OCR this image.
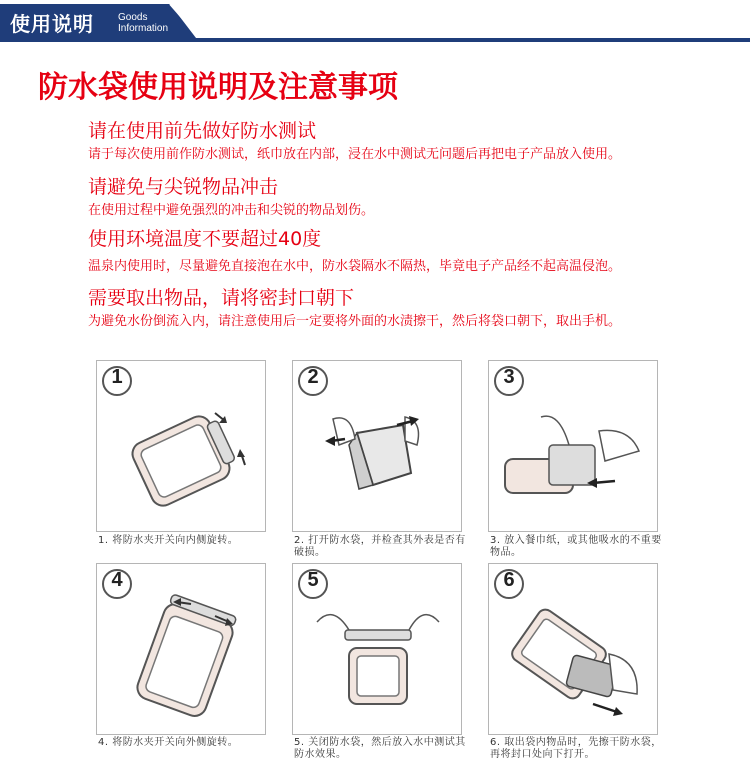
使用说明 Goods
Information
防水袋使用说明及注意事项
请在使用前先做好防水测试
请于每次使用前作防水测试，纸巾放在内部，浸在水中测试无问题后再把电子产品放入使用。
请避免与尖锐物品冲击
在使用过程中避免强烈的冲击和尖锐的物品划伤。
使用环境温度不要超过40度
温泉内使用时，尽量避免直接泡在水中，防水袋隔水不隔热，毕竟电子产品经不起高温侵泡。
需要取出物品，请将密封口朝下
为避免水份倒流入内，请注意使用后一定要将外面的水渍擦干，然后将袋口朝下，取出手机。
1	2	3
1. 将防水夹开关向内侧旋转。	2. 打开防水袋，并检查其外表是否有破损。
3. 放入餐巾纸，或其他吸水的不重要物品。
4	5	6
4. 将防水夹开关向外侧旋转。	5. 关闭防水袋，然后放入水中测试其防水效果。
6. 取出袋内物品时，先擦干防水袋，再将封口处向下打开。
